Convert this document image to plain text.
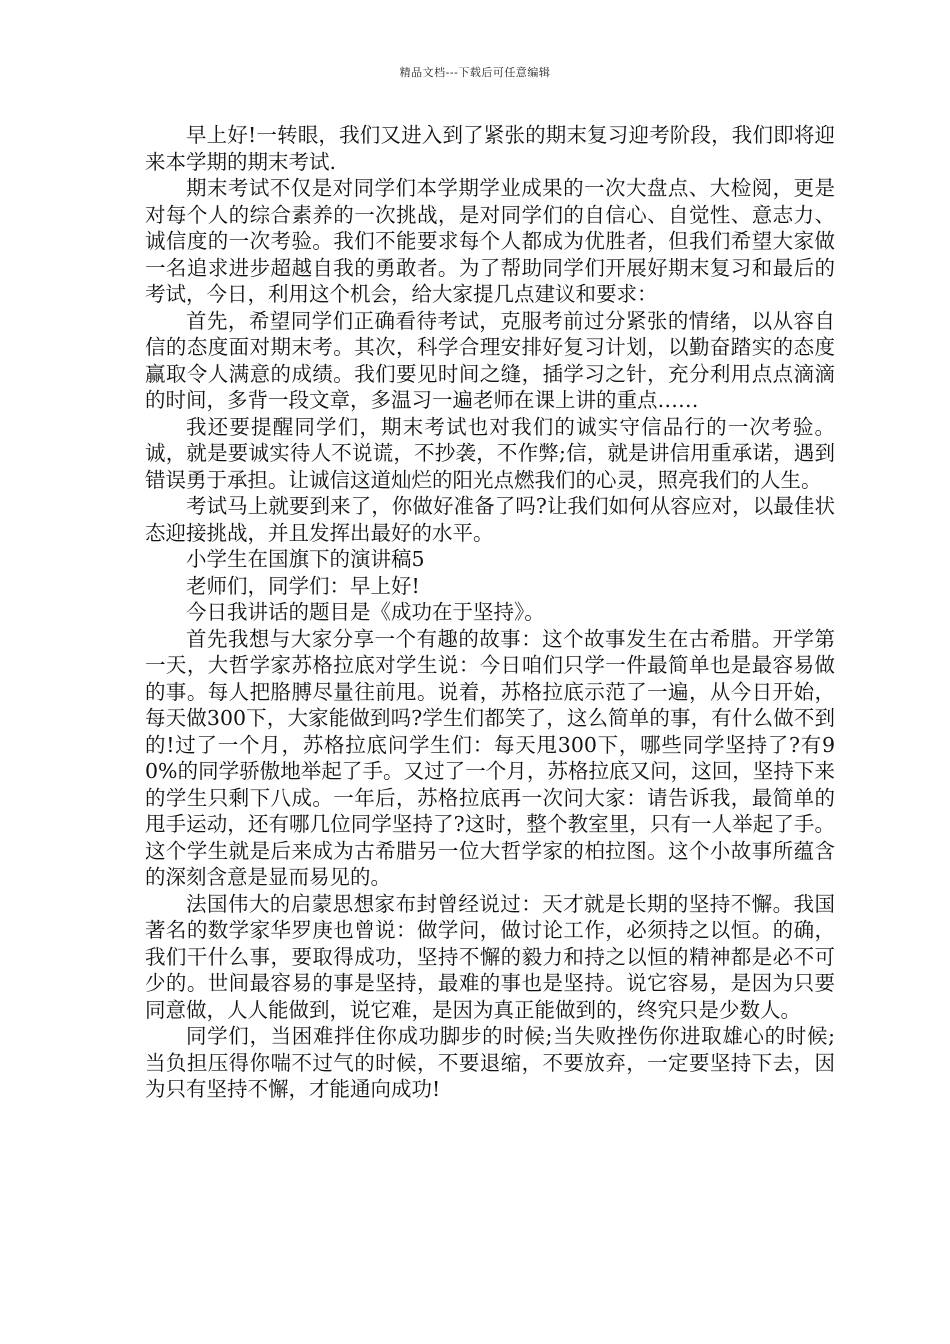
精品文档---下载后可任意编辑

早上好!一转眼，我们又进入到了紧张的期末复习迎考阶段，我们即将迎来本学期的期末考试.

期末考试不仅是对同学们本学期学业成果的一次大盘点、大检阅，更是对每个人的综合素养的一次挑战，是对同学们的自信心、自觉性、意志力、诚信度的一次考验。我们不能要求每个人都成为优胜者，但我们希望大家做一名追求进步超越自我的勇敢者。为了帮助同学们开展好期末复习和最后的考试，今日，利用这个机会，给大家提几点建议和要求：

首先，希望同学们正确看待考试，克服考前过分紧张的情绪，以从容自信的态度面对期末考。其次，科学合理安排好复习计划，以勤奋踏实的态度赢取令人满意的成绩。我们要见时间之缝，插学习之针，充分利用点点滴滴的时间，多背一段文章，多温习一遍老师在课上讲的重点……

我还要提醒同学们，期末考试也对我们的诚实守信品行的一次考验。诚，就是要诚实待人不说谎，不抄袭，不作弊;信，就是讲信用重承诺，遇到错误勇于承担。让诚信这道灿烂的阳光点燃我们的心灵，照亮我们的人生。

考试马上就要到来了，你做好准备了吗?让我们如何从容应对，以最佳状态迎接挑战，并且发挥出最好的水平。

小学生在国旗下的演讲稿5

老师们，同学们：早上好!

今日我讲话的题目是《成功在于坚持》。

首先我想与大家分享一个有趣的故事：这个故事发生在古希腊。开学第一天，大哲学家苏格拉底对学生说：今日咱们只学一件最简单也是最容易做的事。每人把胳膊尽量往前甩。说着，苏格拉底示范了一遍，从今日开始，每天做300下，大家能做到吗?学生们都笑了，这么简单的事，有什么做不到的!过了一个月，苏格拉底问学生们：每天甩300下，哪些同学坚持了?有90%的同学骄傲地举起了手。又过了一个月，苏格拉底又问，这回，坚持下来的学生只剩下八成。一年后，苏格拉底再一次问大家：请告诉我，最简单的甩手运动，还有哪几位同学坚持了?这时，整个教室里，只有一人举起了手。这个学生就是后来成为古希腊另一位大哲学家的柏拉图。这个小故事所蕴含的深刻含意是显而易见的。

法国伟大的启蒙思想家布封曾经说过：天才就是长期的坚持不懈。我国著名的数学家华罗庚也曾说：做学问，做讨论工作，必须持之以恒。的确，我们干什么事，要取得成功，坚持不懈的毅力和持之以恒的精神都是必不可少的。世间最容易的事是坚持，最难的事也是坚持。说它容易，是因为只要同意做，人人能做到，说它难，是因为真正能做到的，终究只是少数人。

同学们，当困难拌住你成功脚步的时候;当失败挫伤你进取雄心的时候;当负担压得你喘不过气的时候，不要退缩，不要放弃，一定要坚持下去，因为只有坚持不懈，才能通向成功!
